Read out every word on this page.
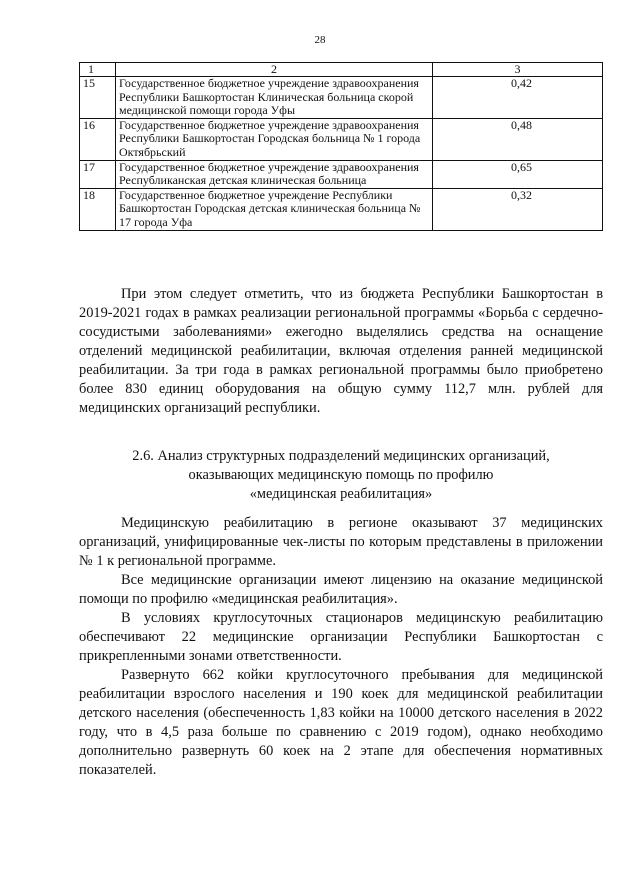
28
1	2	3
15	Государственное бюджетное учреждение здравоохранения Республики Башкортостан Клиническая больница скорой медицинской помощи города Уфы	0,42
16	Государственное бюджетное учреждение здравоохранения Республики Башкортостан Городская больница № 1 города Октябрьский	0,48
17	Государственное бюджетное учреждение здравоохранения Республиканская детская клиническая больница	0,65
18	Государственное бюджетное учреждение Республики Башкортостан Городская детская клиническая больница № 17 города Уфа	0,32

При этом следует отметить, что из бюджета Республики Башкортостан в 2019-2021 годах в рамках реализации региональной программы «Борьба с сердечно-сосудистыми заболеваниями» ежегодно выделялись средства на оснащение отделений медицинской реабилитации, включая отделения ранней медицинской реабилитации. За три года в рамках региональной программы было приобретено более 830 единиц оборудования на общую сумму 112,7 млн. рублей для медицинских организаций республики.

2.6. Анализ структурных подразделений медицинских организаций,
оказывающих медицинскую помощь по профилю
«медицинская реабилитация»

Медицинскую реабилитацию в регионе оказывают 37 медицинских организаций, унифицированные чек-листы по которым представлены в приложении № 1 к региональной программе.

Все медицинские организации имеют лицензию на оказание медицинской помощи по профилю «медицинская реабилитация».

В условиях круглосуточных стационаров медицинскую реабилитацию обеспечивают 22 медицинские организации Республики Башкортостан с прикрепленными зонами ответственности.

Развернуто 662 койки круглосуточного пребывания для медицинской реабилитации взрослого населения и 190 коек для медицинской реабилитации детского населения (обеспеченность 1,83 койки на 10000 детского населения в 2022 году, что в 4,5 раза больше по сравнению с 2019 годом), однако необходимо дополнительно развернуть 60 коек на 2 этапе для обеспечения нормативных показателей.
